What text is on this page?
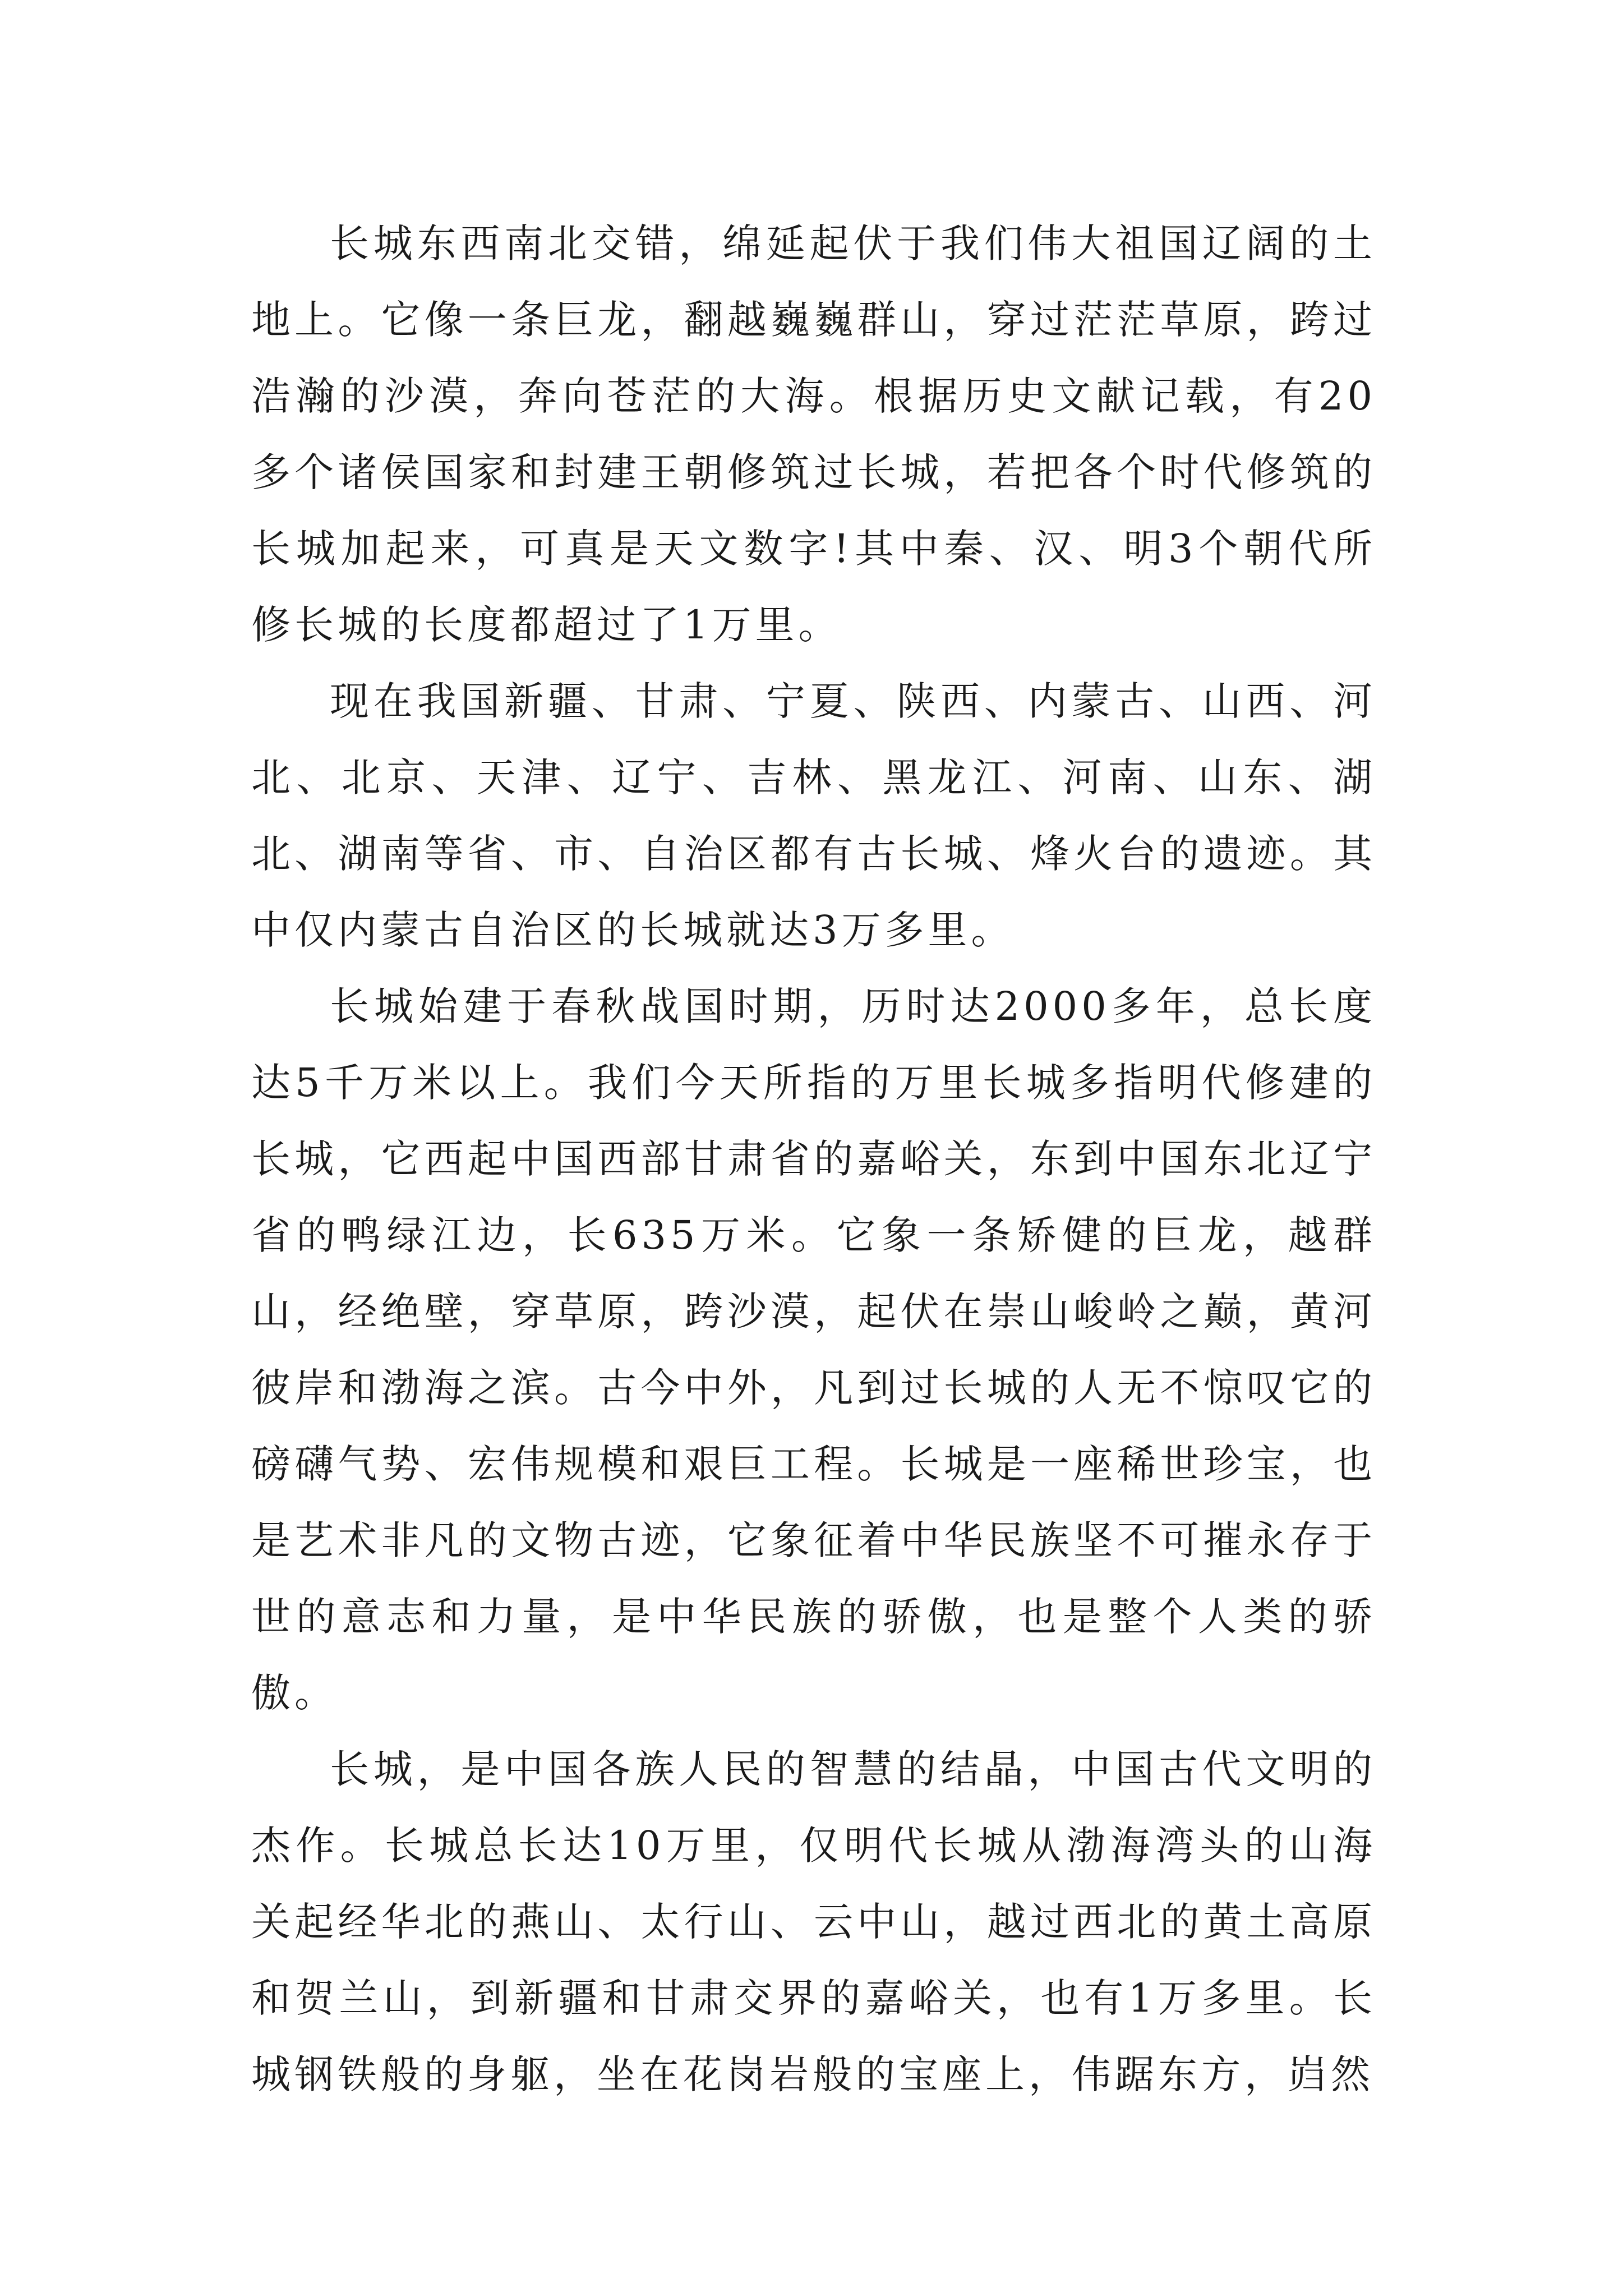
长城东西南北交错，绵延起伏于我们伟大祖国辽阔的土地上。它像一条巨龙，翻越巍巍群山，穿过茫茫草原，跨过浩瀚的沙漠，奔向苍茫的大海。根据历史文献记载，有20多个诸侯国家和封建王朝修筑过长城，若把各个时代修筑的长城加起来，可真是天文数字!其中秦、汉、明3个朝代所修长城的长度都超过了1万里。

现在我国新疆、甘肃、宁夏、陕西、内蒙古、山西、河北、北京、天津、辽宁、吉林、黑龙江、河南、山东、湖北、湖南等省、市、自治区都有古长城、烽火台的遗迹。其中仅内蒙古自治区的长城就达3万多里。

长城始建于春秋战国时期，历时达2000多年，总长度达5千万米以上。我们今天所指的万里长城多指明代修建的长城，它西起中国西部甘肃省的嘉峪关，东到中国东北辽宁省的鸭绿江边，长635万米。它象一条矫健的巨龙，越群山，经绝壁，穿草原，跨沙漠，起伏在崇山峻岭之巅，黄河彼岸和渤海之滨。古今中外，凡到过长城的人无不惊叹它的磅礴气势、宏伟规模和艰巨工程。长城是一座稀世珍宝，也是艺术非凡的文物古迹，它象征着中华民族坚不可摧永存于世的意志和力量，是中华民族的骄傲，也是整个人类的骄傲。

长城，是中国各族人民的智慧的结晶，中国古代文明的杰作。长城总长达10万里，仅明代长城从渤海湾头的山海关起经华北的燕山、太行山、云中山，越过西北的黄土高原和贺兰山，到新疆和甘肃交界的嘉峪关，也有1万多里。长城钢铁般的身躯，坐在花岗岩般的宝座上，伟踞东方，岿然
